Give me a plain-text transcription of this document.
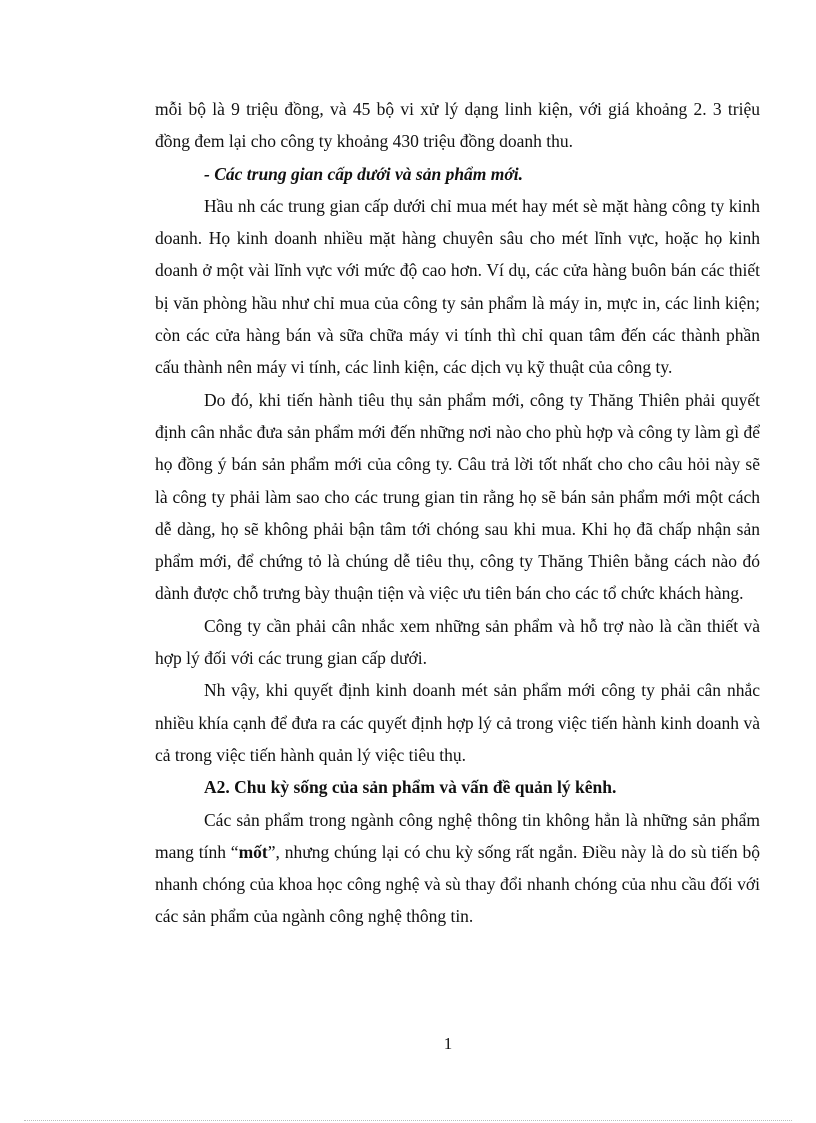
mỗi bộ là 9 triệu đồng, và 45 bộ vi xử lý dạng linh kiện, với giá khoảng 2. 3 triệu đồng đem lại cho công ty khoảng 430 triệu đồng doanh thu.

- Các trung gian cấp dưới và sản phẩm mới.

Hầu nh các trung gian cấp dưới chỉ mua mét hay mét sè mặt hàng công ty kinh doanh. Họ kinh doanh nhiều mặt hàng chuyên sâu cho mét lĩnh vực, hoặc họ kinh doanh ở một vài lĩnh vực với mức độ cao hơn. Ví dụ, các cửa hàng buôn bán các thiết bị văn phòng hầu như chỉ mua của công ty sản phẩm là máy in, mực in, các linh kiện; còn các cửa hàng bán và sữa chữa máy vi tính thì chỉ quan tâm đến các thành phần cấu thành nên máy vi tính, các linh kiện, các dịch vụ kỹ thuật của công ty.

Do đó, khi tiến hành tiêu thụ sản phẩm mới, công ty Thăng Thiên phải quyết định cân nhắc đưa sản phẩm mới đến những nơi nào cho phù hợp và công ty làm gì để họ đồng ý bán sản phẩm mới của công ty. Câu trả lời tốt nhất cho cho câu hỏi này sẽ là công ty phải làm sao cho các trung gian tin rằng họ sẽ bán sản phẩm mới một cách dễ dàng, họ sẽ không phải bận tâm tới chóng sau khi mua. Khi họ đã chấp nhận sản phẩm mới, để chứng tỏ là chúng dễ tiêu thụ, công ty Thăng Thiên bằng cách nào đó dành được chỗ trưng bày thuận tiện và việc ưu tiên bán cho các tổ chức khách hàng.

Công ty cần phải cân nhắc xem những sản phẩm và hỗ trợ nào là cần thiết và hợp lý đối với các trung gian cấp dưới.

Nh vậy, khi quyết định kinh doanh mét sản phẩm mới công ty phải cân nhắc nhiều khía cạnh để đưa ra các quyết định hợp lý cả trong việc tiến hành kinh doanh và cả trong việc tiến hành quản lý việc tiêu thụ.

A2. Chu kỳ sống của sản phẩm và vấn đề quản lý kênh.

Các sản phẩm trong ngành công nghệ thông tin không hẳn là những sản phẩm mang tính “mốt”, nhưng chúng lại có chu kỳ sống rất ngắn. Điều này là do sù tiến bộ nhanh chóng của khoa học công nghệ và sù thay đổi nhanh chóng của nhu cầu đối với các sản phẩm của ngành công nghệ thông tin.

1
